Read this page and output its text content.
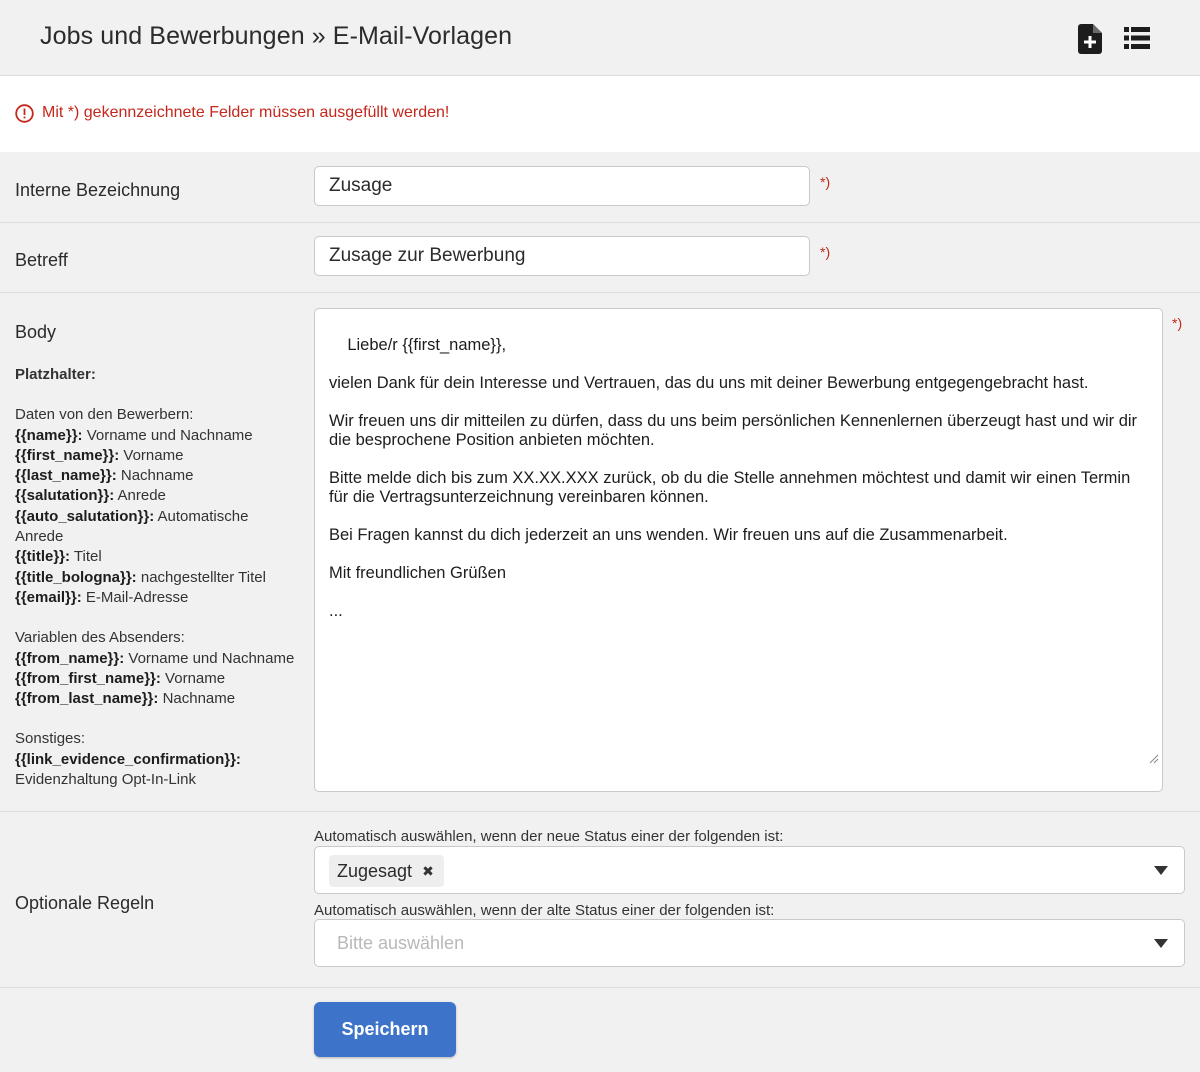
Jobs und Bewerbungen » E-Mail-Vorlagen
Mit *) gekennzeichnete Felder müssen ausgefüllt werden!
Interne Bezeichnung
Zusage	*)
Betreff
Zusage zur Bewerbung	*)
Body
Platzhalter:
Daten von den Bewerbern:
{{name}}: Vorname und Nachname
{{first_name}}: Vorname
{{last_name}}: Nachname
{{salutation}}: Anrede
{{auto_salutation}}: Automatische Anrede
{{title}}: Titel
{{title_bologna}}: nachgestellter Titel
{{email}}: E-Mail-Adresse
Variablen des Absenders:
{{from_name}}: Vorname und Nachname
{{from_first_name}}: Vorname
{{from_last_name}}: Nachname
Sonstiges:
{{link_evidence_confirmation}}: Evidenzhaltung Opt-In-Link

Liebe/r {{first_name}},

vielen Dank für dein Interesse und Vertrauen, das du uns mit deiner Bewerbung entgegengebracht hast.

Wir freuen uns dir mitteilen zu dürfen, dass du uns beim persönlichen Kennenlernen überzeugt hast und wir dir die besprochene Position anbieten möchten.

Bitte melde dich bis zum XX.XX.XXX zurück, ob du die Stelle annehmen möchtest und damit wir einen Termin für die Vertragsunterzeichnung vereinbaren können.

Bei Fragen kannst du dich jederzeit an uns wenden. Wir freuen uns auf die Zusammenarbeit.

Mit freundlichen Grüßen

...

*)
Optionale Regeln
Automatisch auswählen, wenn der neue Status einer der folgenden ist:
Zugesagt ✖
Automatisch auswählen, wenn der alte Status einer der folgenden ist:
Bitte auswählen
Speichern
